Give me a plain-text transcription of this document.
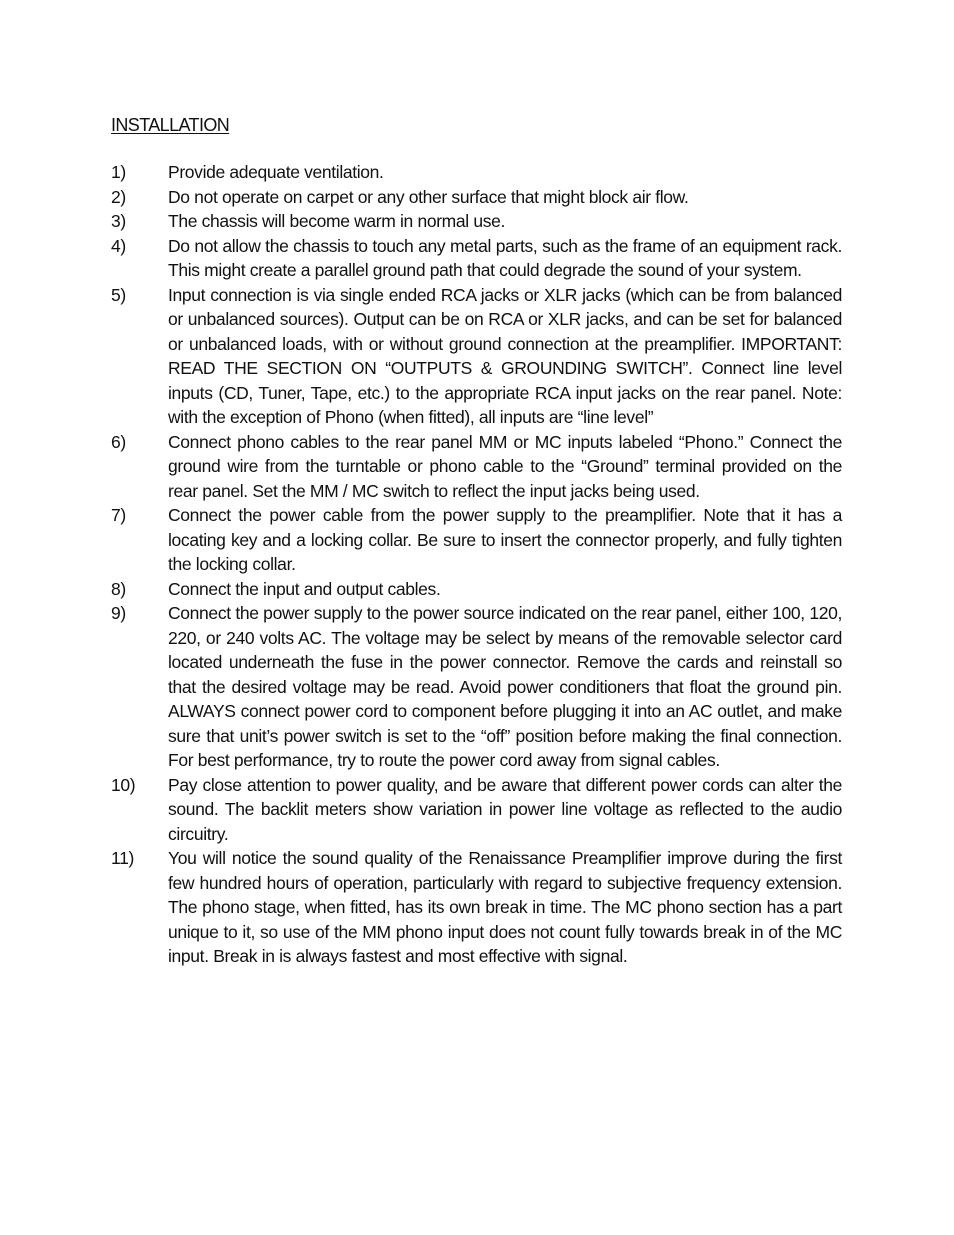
INSTALLATION
1)	Provide adequate ventilation.
2)	Do not operate on carpet or any other surface that might block air flow.
3)	The chassis will become warm in normal use.
4)	Do not allow the chassis to touch any metal parts, such as the frame of an equipment rack. This might create a parallel ground path that could degrade the sound of your system.
5)	Input connection is via single ended RCA jacks or XLR jacks (which can be from balanced or unbalanced sources). Output can be on RCA or XLR jacks, and can be set for balanced or unbalanced loads, with or without ground connection at the preamplifier. IMPORTANT: READ THE SECTION ON “OUTPUTS & GROUNDING SWITCH”. Connect line level inputs (CD, Tuner, Tape, etc.) to the appropriate RCA input jacks on the rear panel. Note: with the exception of Phono (when fitted), all inputs are “line level”
6)	Connect phono cables to the rear panel MM or MC inputs labeled “Phono.” Connect the ground wire from the turntable or phono cable to the “Ground” terminal provided on the rear panel. Set the MM / MC switch to reflect the input jacks being used.
7)	Connect the power cable from the power supply to the preamplifier. Note that it has a locating key and a locking collar. Be sure to insert the connector properly, and fully tighten the locking collar.
8)	Connect the input and output cables.
9)	Connect the power supply to the power source indicated on the rear panel, either 100, 120, 220, or 240 volts AC. The voltage may be select by means of the removable selector card located underneath the fuse in the power connector. Remove the cards and reinstall so that the desired voltage may be read. Avoid power conditioners that float the ground pin. ALWAYS connect power cord to component before plugging it into an AC outlet, and make sure that unit’s power switch is set to the “off” position before making the final connection. For best performance, try to route the power cord away from signal cables.
10)	Pay close attention to power quality, and be aware that different power cords can alter the sound. The backlit meters show variation in power line voltage as reflected to the audio circuitry.
11)	You will notice the sound quality of the Renaissance Preamplifier improve during the first few hundred hours of operation, particularly with regard to subjective frequency extension. The phono stage, when fitted, has its own break in time. The MC phono section has a part unique to it, so use of the MM phono input does not count fully towards break in of the MC input. Break in is always fastest and most effective with signal.
